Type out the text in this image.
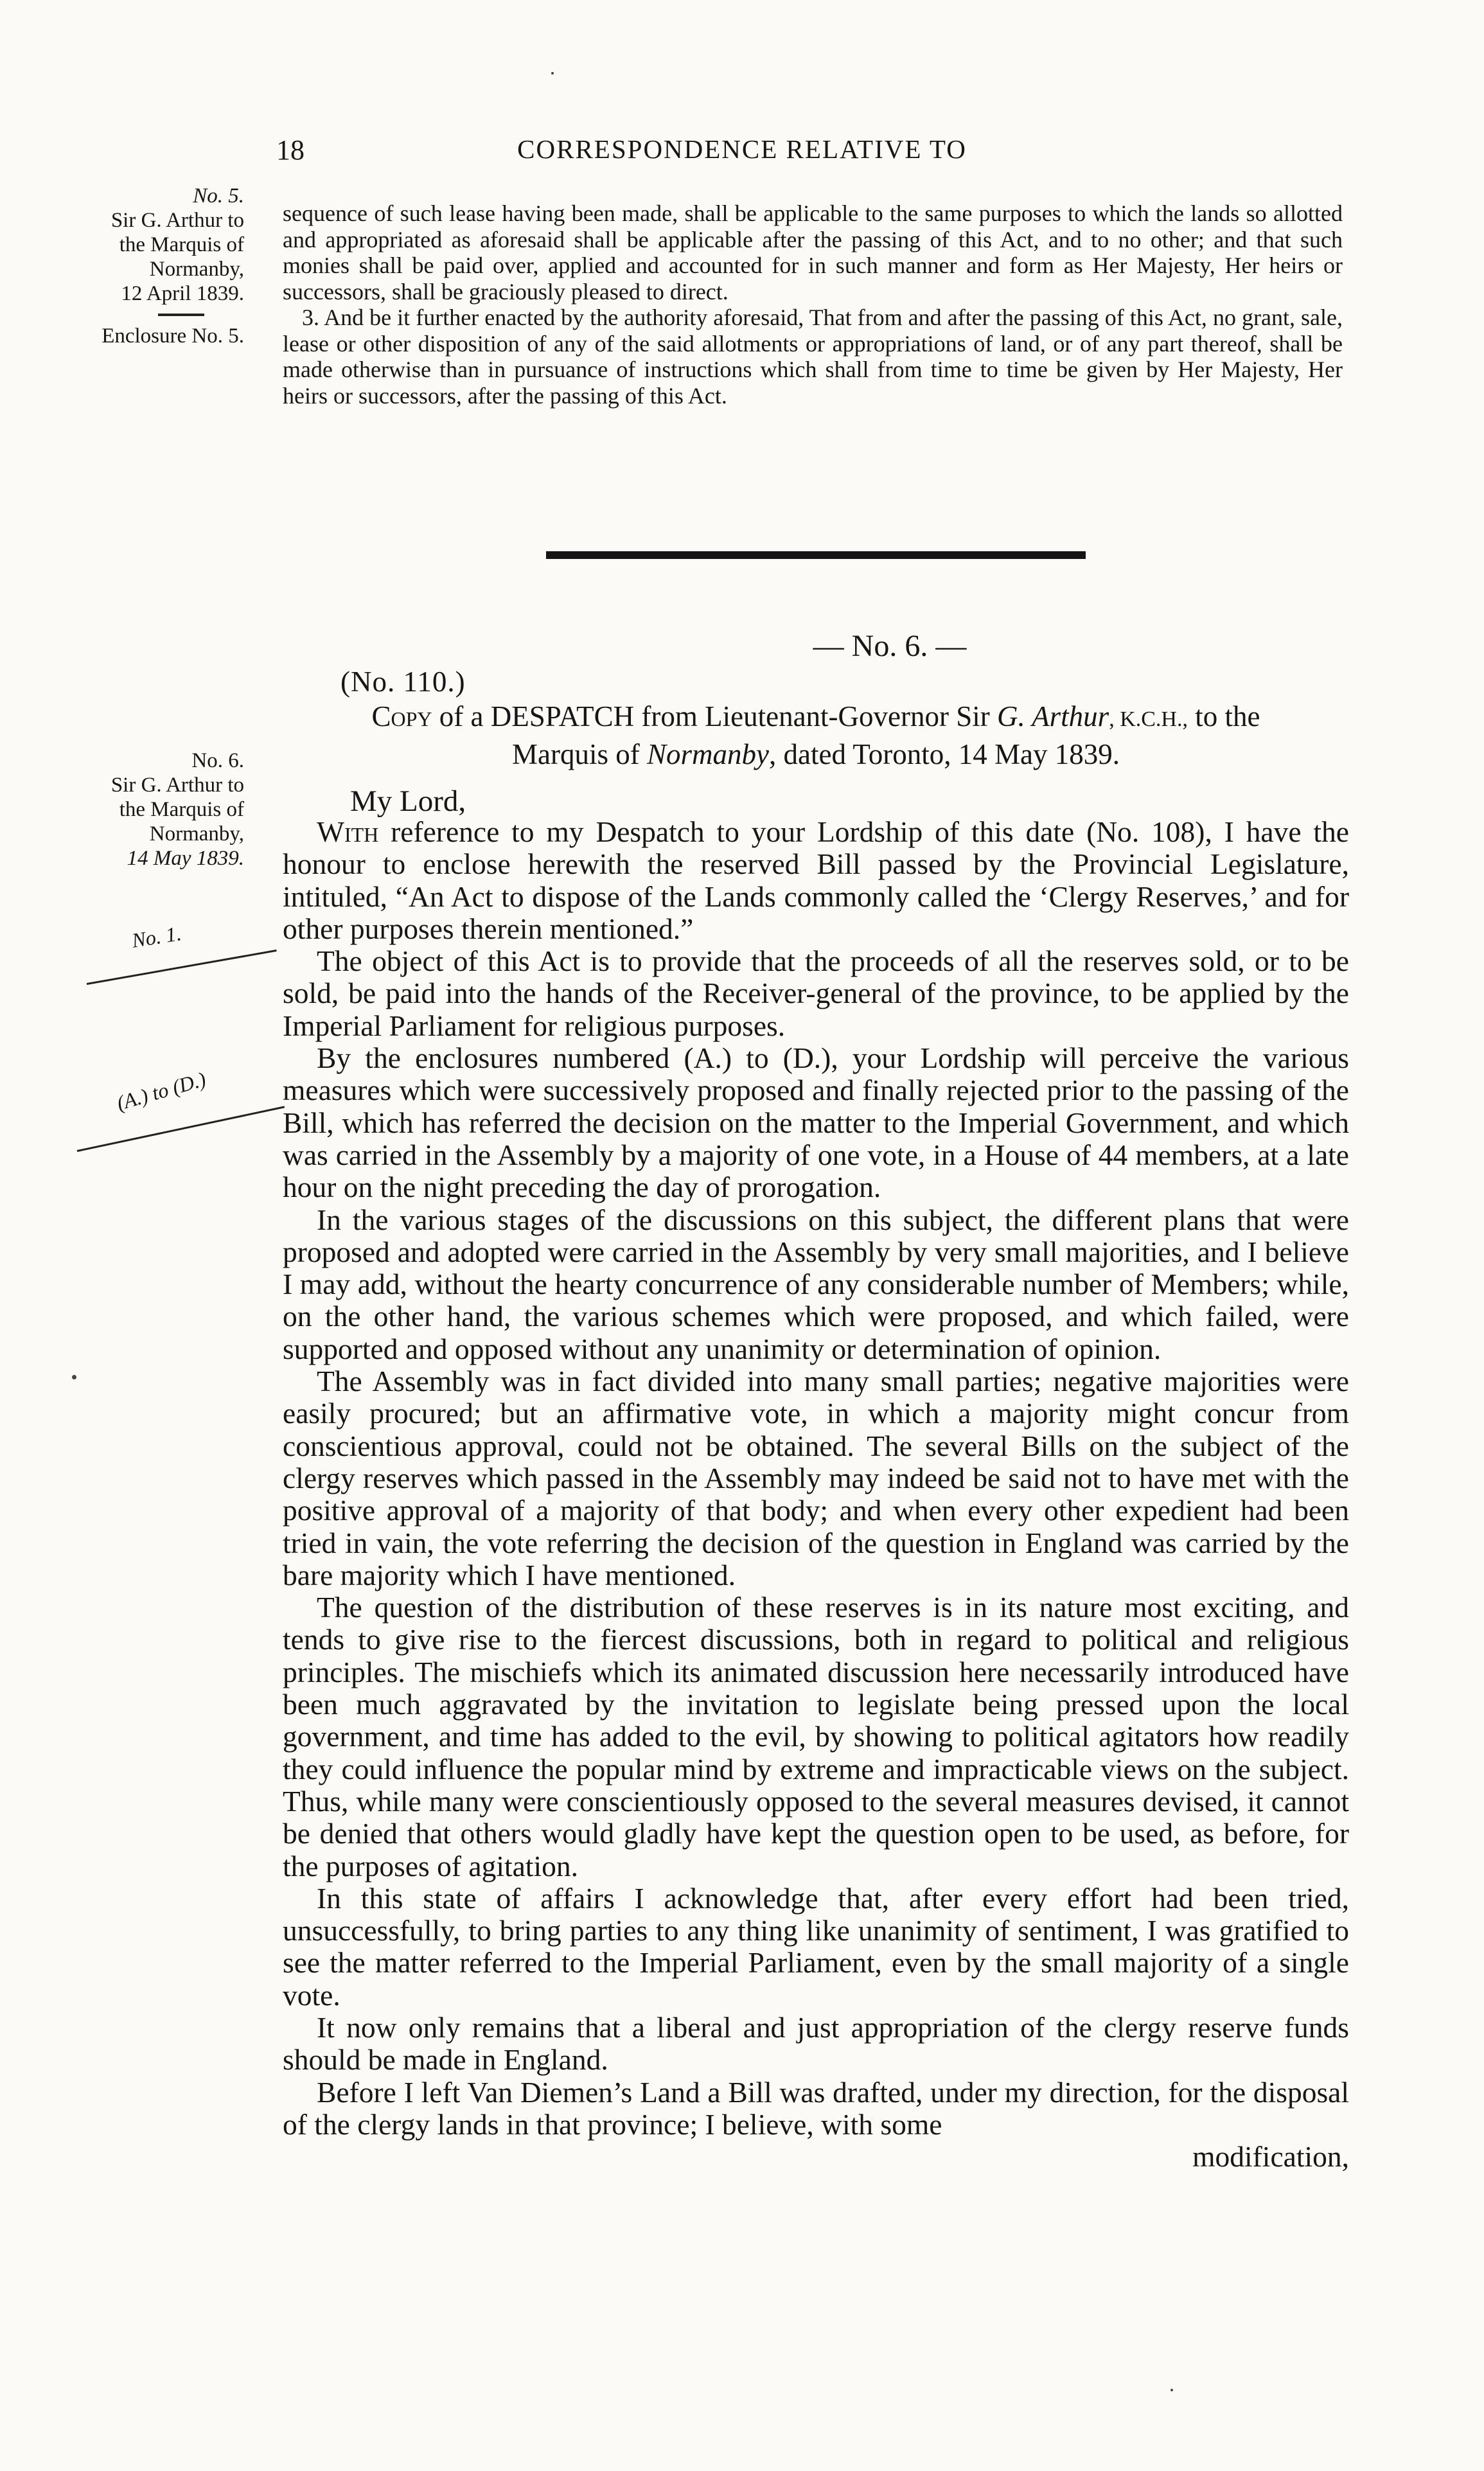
18	CORRESPONDENCE RELATIVE TO
No. 5.
Sir G. Arthur to
the Marquis of
Normanby,
12 April 1839.
Enclosure No. 5.

sequence of such lease having been made, shall be applicable to the same purposes to which the lands so allotted and appropriated as aforesaid shall be applicable after the passing of this Act, and to no other; and that such monies shall be paid over, applied and accounted for in such manner and form as Her Majesty, Her heirs or successors, shall be graciously pleased to direct.

3. And be it further enacted by the authority aforesaid, That from and after the passing of this Act, no grant, sale, lease or other disposition of any of the said allotments or appropriations of land, or of any part thereof, shall be made otherwise than in pursuance of instructions which shall from time to time be given by Her Majesty, Her heirs or successors, after the passing of this Act.

— No. 6. —
(No. 110.)
Copy of a DESPATCH from Lieutenant-Governor Sir G. Arthur, K.C.H., to the
Marquis of Normanby, dated Toronto, 14 May 1839.
No. 6.
Sir G. Arthur to
the Marquis of
Normanby,
14 May 1839.
No. 1.
(A.) to (D.)
My Lord,

With reference to my Despatch to your Lordship of this date (No. 108), I have the honour to enclose herewith the reserved Bill passed by the Provincial Legislature, intituled, “An Act to dispose of the Lands commonly called the ‘Clergy Reserves,’ and for other purposes therein mentioned.”

The object of this Act is to provide that the proceeds of all the reserves sold, or to be sold, be paid into the hands of the Receiver-general of the province, to be applied by the Imperial Parliament for religious purposes.

By the enclosures numbered (A.) to (D.), your Lordship will perceive the various measures which were successively proposed and finally rejected prior to the passing of the Bill, which has referred the decision on the matter to the Imperial Government, and which was carried in the Assembly by a majority of one vote, in a House of 44 members, at a late hour on the night preceding the day of prorogation.

In the various stages of the discussions on this subject, the different plans that were proposed and adopted were carried in the Assembly by very small majorities, and I believe I may add, without the hearty concurrence of any considerable number of Members; while, on the other hand, the various schemes which were proposed, and which failed, were supported and opposed without any unanimity or determination of opinion.

The Assembly was in fact divided into many small parties; negative majorities were easily procured; but an affirmative vote, in which a majority might concur from conscientious approval, could not be obtained. The several Bills on the subject of the clergy reserves which passed in the Assembly may indeed be said not to have met with the positive approval of a majority of that body; and when every other expedient had been tried in vain, the vote referring the decision of the question in England was carried by the bare majority which I have mentioned.

The question of the distribution of these reserves is in its nature most exciting, and tends to give rise to the fiercest discussions, both in regard to political and religious principles. The mischiefs which its animated discussion here necessarily introduced have been much aggravated by the invitation to legislate being pressed upon the local government, and time has added to the evil, by showing to political agitators how readily they could influence the popular mind by extreme and impracticable views on the subject. Thus, while many were conscientiously opposed to the several measures devised, it cannot be denied that others would gladly have kept the question open to be used, as before, for the purposes of agitation.

In this state of affairs I acknowledge that, after every effort had been tried, unsuccessfully, to bring parties to any thing like unanimity of sentiment, I was gratified to see the matter referred to the Imperial Parliament, even by the small majority of a single vote.

It now only remains that a liberal and just appropriation of the clergy reserve funds should be made in England.

Before I left Van Diemen’s Land a Bill was drafted, under my direction, for the disposal of the clergy lands in that province; I believe, with some

modification,
